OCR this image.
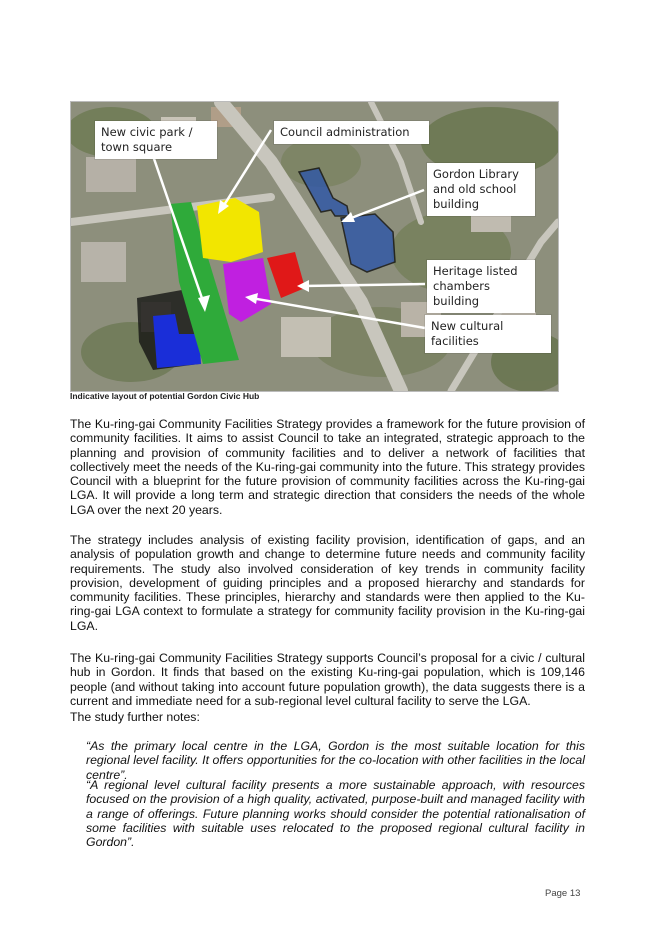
New civic park / town square
Council administration
Gordon Library and old school building
Heritage listed chambers building
New cultural facilities
Indicative layout of potential Gordon Civic Hub

The Ku-ring-gai Community Facilities Strategy provides a framework for the future provision of community facilities. It aims to assist Council to take an integrated, strategic approach to the planning and provision of community facilities and to deliver a network of facilities that collectively meet the needs of the Ku-ring-gai community into the future. This strategy provides Council with a blueprint for the future provision of community facilities across the Ku-ring-gai LGA. It will provide a long term and strategic direction that considers the needs of the whole LGA over the next 20 years.

The strategy includes analysis of existing facility provision, identification of gaps, and an analysis of population growth and change to determine future needs and community facility requirements. The study also involved consideration of key trends in community facility provision, development of guiding principles and a proposed hierarchy and standards for community facilities. These principles, hierarchy and standards were then applied to the Ku-ring-gai LGA context to formulate a strategy for community facility provision in the Ku-ring-gai LGA.

The Ku-ring-gai Community Facilities Strategy supports Council’s proposal for a civic / cultural hub in Gordon. It finds that based on the existing Ku-ring-gai population, which is 109,146 people (and without taking into account future population growth), the data suggests there is a current and immediate need for a sub-regional level cultural facility to serve the LGA.

The study further notes:

“As the primary local centre in the LGA, Gordon is the most suitable location for this regional level facility. It offers opportunities for the co-location with other facilities in the local centre”.

“A regional level cultural facility presents a more sustainable approach, with resources focused on the provision of a high quality, activated, purpose-built and managed facility with a range of offerings. Future planning works should consider the potential rationalisation of some facilities with suitable uses relocated to the proposed regional cultural facility in Gordon”.

Page 13
